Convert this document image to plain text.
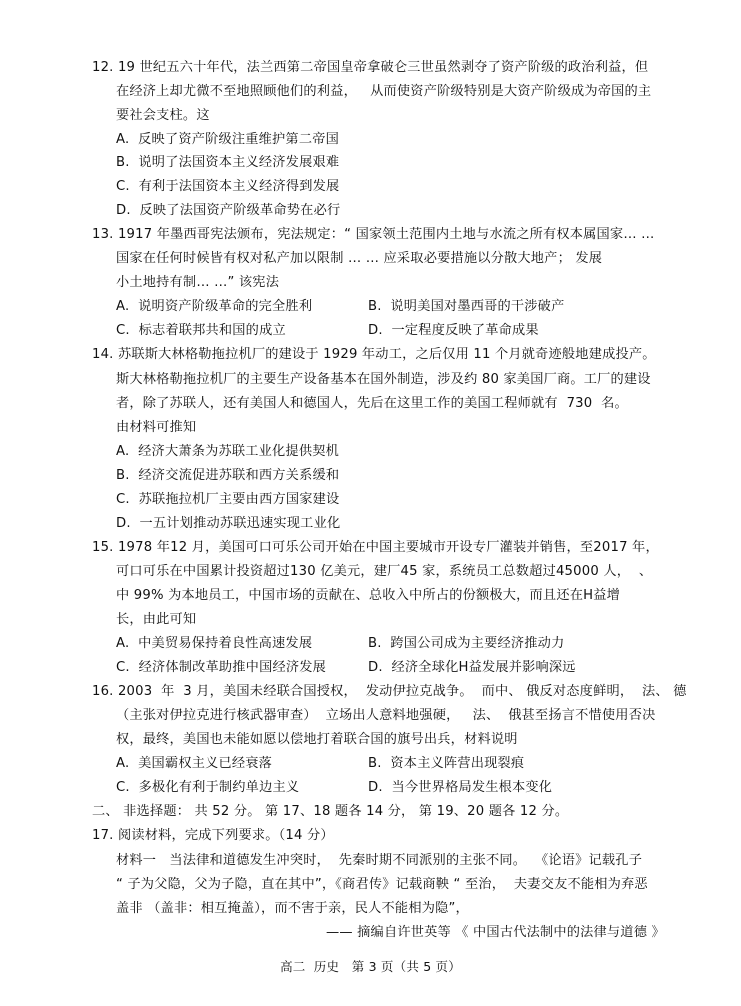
12. 19 世纪五六十年代，法兰西第二帝国皇帝拿破仑三世虽然剥夺了资产阶级的政治利益，但
在经济上却尤微不至地照顾他们的利益，   从而使资产阶级特别是大资产阶级成为帝国的主
要社会支柱。这
A.  反映了资产阶级注重维护第二帝国
B.  说明了法国资本主义经济发展艰难
C.  有利于法国资本主义经济得到发展
D.  反映了法国资产阶级革命势在必行
13. 1917 年墨西哥宪法颁布，宪法规定：“ 国家领土范围内土地与水流之所有权本属国家… …
国家在任何时候皆有权对私产加以限制 … … 应采取必要措施以分散大地产； 发展
小土地持有制… …” 该宪法
A.  说明资产阶级革命的完全胜利	B.  说明美国对墨西哥的干涉破产
C.  标志着联邦共和国的成立	D.  一定程度反映了革命成果
14. 苏联斯大林格勒拖拉机厂的建设于 1929 年动工，之后仅用 11 个月就奇迹般地建成投产。
斯大林格勒拖拉机厂的主要生产设备基本在国外制造，涉及约 80 家美国厂商。工厂的建设
者，除了苏联人，还有美国人和德国人，先后在这里工作的美国工程师就有  730  名。
由材料可推知
A.  经济大萧条为苏联工业化提供契机
B.  经济交流促进苏联和西方关系缓和
C.  苏联拖拉机厂主要由西方国家建设
D.  一五计划推动苏联迅速实现工业化
15. 1978 年12 月，美国可口可乐公司开始在中国主要城市开设专厂灌装并销售，至2017 年，
可口可乐在中国累计投资超过130 亿美元，建厂45 家，系统员工总数超过45000 人，  、
中 99% 为本地员工，中国市场的贡献在、总收入中所占的份额极大，而且还在H益增
长，由此可知
A.  中美贸易保持着良性高速发展	B.  跨国公司成为主要经济推动力
C.  经济体制改革助推中国经济发展	D.  经济全球化H益发展并影响深远
16. 2003  年  3 月，美国未经联合国授权，  发动伊拉克战争。  而中、 俄反对态度鲜明，  法、 德
（主张对伊拉克进行核武器审查）  立场出人意料地强硬，   法、  俄甚至扬言不惜使用否决
权，最终，美国也未能如愿以偿地打着联合国的旗号出兵，材料说明
A.  美国霸权主义已经衰落	B.  资本主义阵营出现裂痕
C.  多极化有利于制约单边主义	D.  当今世界格局发生根本变化
二、 非选择题： 共 52 分。 第 17、18 题各 14 分， 第 19、20 题各 12 分。
17. 阅读材料，完成下列要求。（14 分）
材料一   当法律和道德发生冲突时，  先秦时期不同派别的主张不同。  《论语》记载孔子
“ 子为父隐，父为子隐，直在其中”，《商君传》记载商鞅 “ 至治，  夫妻交友不能相为弃恶
盖非 （盖非：相互掩盖），而不害于亲，民人不能相为隐”，
—— 摘编自许世英等 《 中国古代法制中的法律与道德 》
高二  历史   第 3 页（共 5 页）
